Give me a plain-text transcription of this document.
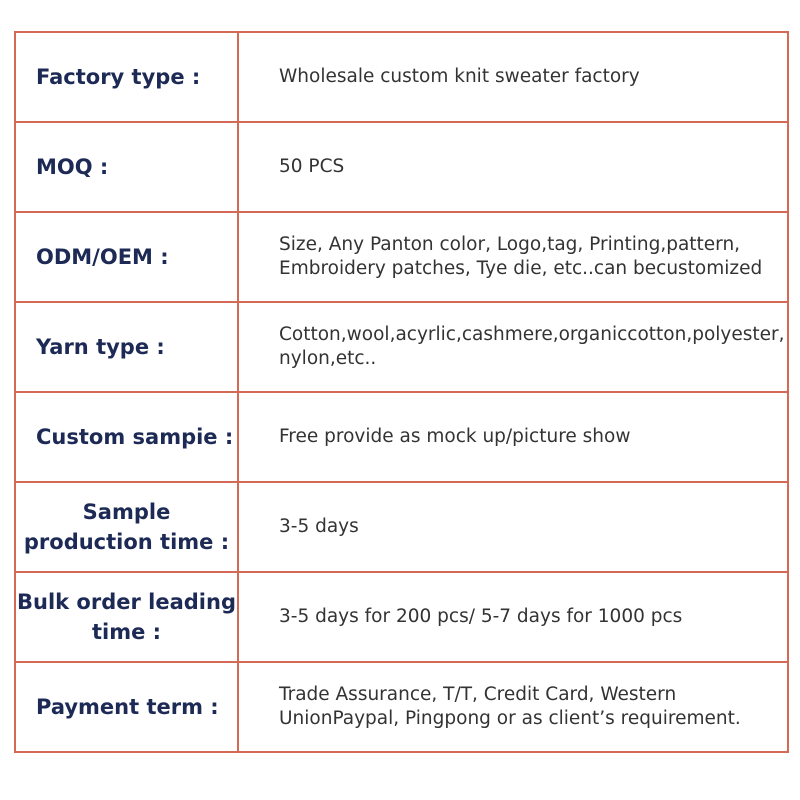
Factory type :	Wholesale custom knit sweater factory

MOQ :	50 PCS

ODM/OEM :	Size, Any Panton color, Logo,tag, Printing,pattern, Embroidery patches, Tye die, etc..can becustomized

Yarn type :	Cotton,wool,acyrlic,cashmere,organiccotton,polyester, nylon,etc..

Custom sampie :	Free provide as mock up/picture show

Sample production time :	3-5 days

Bulk order leading time :	3-5 days for 200 pcs/ 5-7 days for 1000 pcs

Payment term :	Trade Assurance, T/T, Credit Card, Western UnionPaypal, Pingpong or as client’s requirement.
